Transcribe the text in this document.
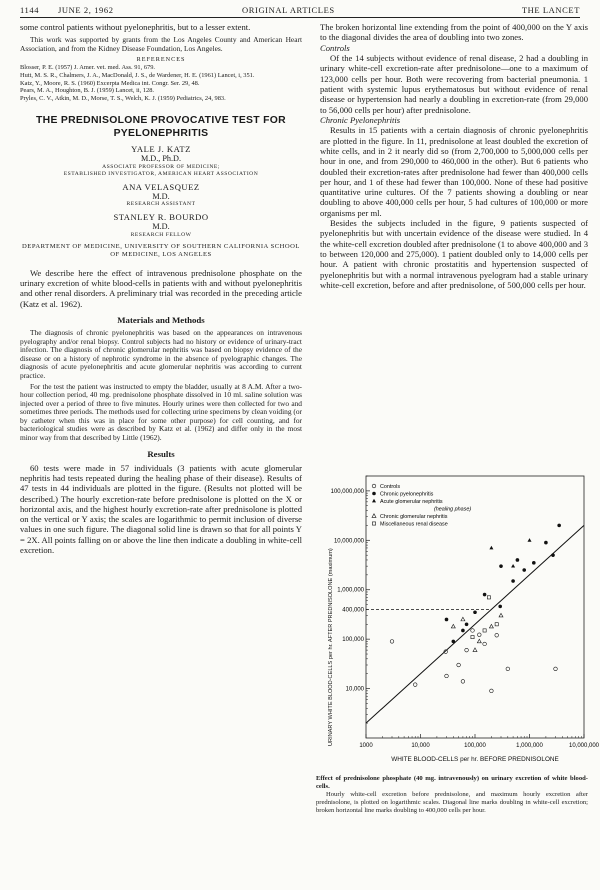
1144 JUNE 2, 1962	ORIGINAL ARTICLES	THE LANCET

some control patients without pyelonephritis, but to a lesser extent.

This work was supported by grants from the Los Angeles County and American Heart Association, and from the Kidney Disease Foundation, Los Angeles.

REFERENCES
Blosser, P. E. (1957) J. Amer. vet. med. Ass. 91, 679.
Hutt, M. S. R., Chalmers, J. A., MacDonald, J. S., de Wardener, H. E. (1961) Lancet, i, 351.
Katz, Y., Moore, R. S. (1960) Excerpta Medica int. Congr. Ser. 29, 48.
Pears, M. A., Houghton, B. J. (1959) Lancet, ii, 128.
Pryles, C. V., Atkin, M. D., Morse, T. S., Welch, K. J. (1959) Pediatrics, 24, 983.
THE PREDNISOLONE PROVOCATIVE TEST FOR PYELONEPHRITIS
YALE J. KATZ
M.D., Ph.D.
ASSOCIATE PROFESSOR OF MEDICINE;
ESTABLISHED INVESTIGATOR, AMERICAN HEART ASSOCIATION
ANA VELASQUEZ
M.D.
RESEARCH ASSISTANT
STANLEY R. BOURDO
M.D.
RESEARCH FELLOW
DEPARTMENT OF MEDICINE, UNIVERSITY OF SOUTHERN CALIFORNIA SCHOOL OF MEDICINE, LOS ANGELES

We describe here the effect of intravenous prednisolone phosphate on the urinary excretion of white blood-cells in patients with and without pyelonephritis and other renal disorders. A preliminary trial was recorded in the preceding article (Katz et al. 1962).

Materials and Methods

The diagnosis of chronic pyelonephritis was based on the appearances on intravenous pyelography and/or renal biopsy. Control subjects had no history or evidence of urinary-tract infection. The diagnosis of chronic glomerular nephritis was based on biopsy evidence of the disease or on a history of nephrotic syndrome in the absence of pyelographic changes. The diagnosis of acute pyelonephritis and acute glomerular nephritis was according to current practice.

For the test the patient was instructed to empty the bladder, usually at 8 A.M. After a two-hour collection period, 40 mg. prednisolone phosphate dissolved in 10 ml. saline solution was injected over a period of three to five minutes. Hourly urines were then collected for two and sometimes three periods. The methods used for collecting urine specimens by clean voiding (or by catheter when this was in place for some other purpose) for cell counting, and for bacteriological studies were as described by Katz et al. (1962) and differ only in the most minor way from that described by Little (1962).

Results

60 tests were made in 57 individuals (3 patients with acute glomerular nephritis had tests repeated during the healing phase of their disease). Results of 47 tests in 44 individuals are plotted in the figure. (Results not plotted will be described.) The hourly excretion-rate before prednisolone is plotted on the X or horizontal axis, and the highest hourly excretion-rate after prednisolone is plotted on the vertical or Y axis; the scales are logarithmic to permit inclusion of diverse values in one such figure. The diagonal solid line is drawn so that for all points Y = 2X. All points falling on or above the line then indicate a doubling in white-cell excretion.

The broken horizontal line extending from the point of 400,000 on the Y axis to the diagonal divides the area of doubling into two zones.

Controls

Of the 14 subjects without evidence of renal disease, 2 had a doubling in urinary white-cell excretion-rate after prednisolone—one to a maximum of 123,000 cells per hour. Both were recovering from bacterial pneumonia. 1 patient with systemic lupus erythematosus but without evidence of renal disease or hypertension had nearly a doubling in excretion-rate (from 29,000 to 56,000 cells per hour) after prednisolone.

Chronic Pyelonephritis

Results in 15 patients with a certain diagnosis of chronic pyelonephritis are plotted in the figure. In 11, prednisolone at least doubled the excretion of white cells, and in 2 it nearly did so (from 2,700,000 to 5,000,000 cells per hour in one, and from 290,000 to 460,000 in the other). But 6 patients who doubled their excretion-rates after prednisolone had fewer than 400,000 cells per hour, and 1 of these had fewer than 100,000. None of these had positive quantitative urine cultures. Of the 7 patients showing a doubling or near doubling to above 400,000 cells per hour, 5 had cultures of 100,000 or more organisms per ml.

Besides the subjects included in the figure, 9 patients suspected of pyelonephritis but with uncertain evidence of the disease were studied. In 4 the white-cell excretion doubled after prednisolone (1 to above 400,000 and 3 to between 120,000 and 275,000). 1 patient doubled only to 14,000 cells per hour. A patient with chronic prostatitis and hypertension suspected of pyelonephritis but with a normal intravenous pyelogram had a stable urinary white-cell excretion, before and after prednisolone, of 500,000 cells per hour.

URINARY WHITE BLOOD-CELLS per hr. AFTER PREDNISOLONE (maximum)
WHITE BLOOD-CELLS per hr. BEFORE PREDNISOLONE
1000	10,000	100,000	1,000,000	10,000,000
10,000
100,000
1,000,000
10,000,000
100,000,000
400,000
Controls
Chronic pyelonephritis
Acute glomerular nephritis
(healing phase)
Chronic glomerular nephritis
Miscellaneous renal disease

Effect of prednisolone phosphate (40 mg. intravenously) on urinary excretion of white blood-cells.

Hourly white-cell excretion before prednisolone, and maximum hourly excretion after prednisolone, is plotted on logarithmic scales. Diagonal line marks doubling in white-cell excretion; broken horizontal line marks doubling to 400,000 cells per hour.
